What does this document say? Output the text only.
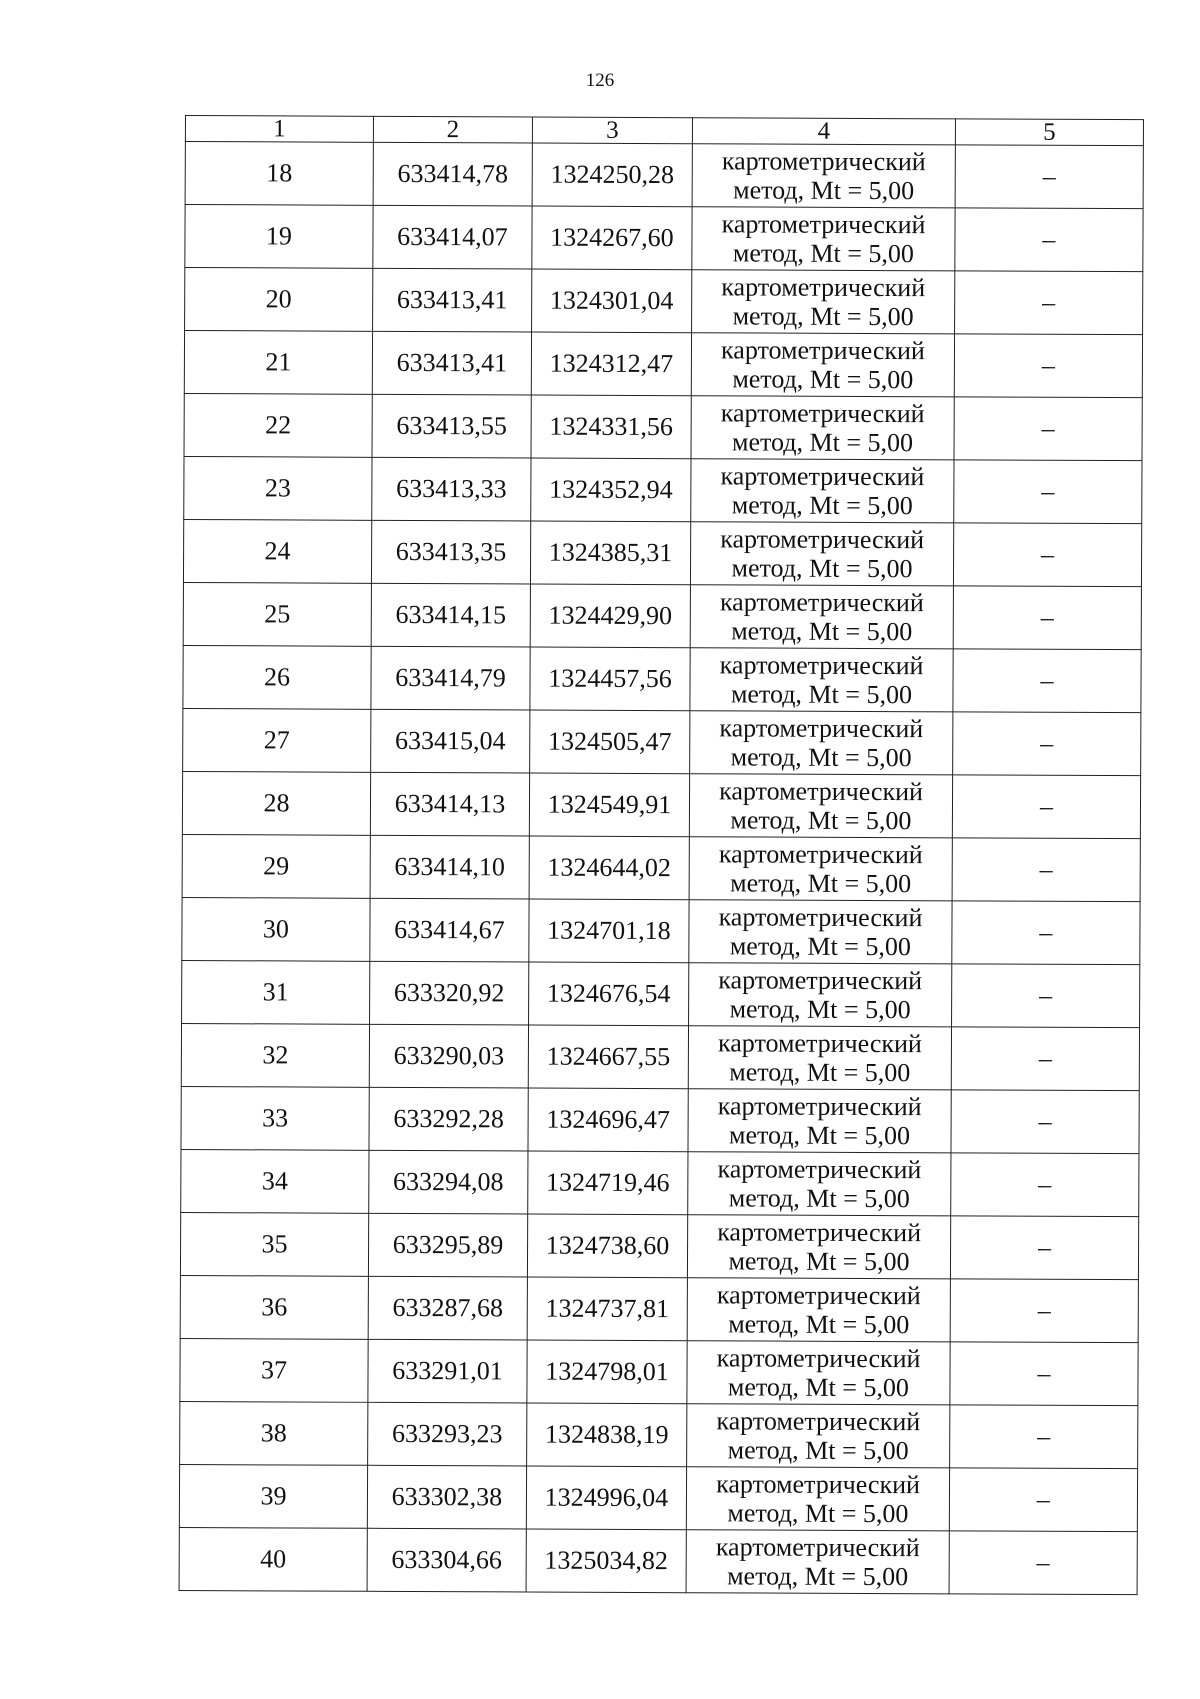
126
1	2	3	4	5
18	633414,78	1324250,28	картометрический
метод, Mt = 5,00	–
19	633414,07	1324267,60	картометрический
метод, Mt = 5,00	–
20	633413,41	1324301,04	картометрический
метод, Mt = 5,00	–
21	633413,41	1324312,47	картометрический
метод, Mt = 5,00	–
22	633413,55	1324331,56	картометрический
метод, Mt = 5,00	–
23	633413,33	1324352,94	картометрический
метод, Mt = 5,00	–
24	633413,35	1324385,31	картометрический
метод, Mt = 5,00	–
25	633414,15	1324429,90	картометрический
метод, Mt = 5,00	–
26	633414,79	1324457,56	картометрический
метод, Mt = 5,00	–
27	633415,04	1324505,47	картометрический
метод, Mt = 5,00	–
28	633414,13	1324549,91	картометрический
метод, Mt = 5,00	–
29	633414,10	1324644,02	картометрический
метод, Mt = 5,00	–
30	633414,67	1324701,18	картометрический
метод, Mt = 5,00	–
31	633320,92	1324676,54	картометрический
метод, Mt = 5,00	–
32	633290,03	1324667,55	картометрический
метод, Mt = 5,00	–
33	633292,28	1324696,47	картометрический
метод, Mt = 5,00	–
34	633294,08	1324719,46	картометрический
метод, Mt = 5,00	–
35	633295,89	1324738,60	картометрический
метод, Mt = 5,00	–
36	633287,68	1324737,81	картометрический
метод, Mt = 5,00	–
37	633291,01	1324798,01	картометрический
метод, Mt = 5,00	–
38	633293,23	1324838,19	картометрический
метод, Mt = 5,00	–
39	633302,38	1324996,04	картометрический
метод, Mt = 5,00	–
40	633304,66	1325034,82	картометрический
метод, Mt = 5,00	–
